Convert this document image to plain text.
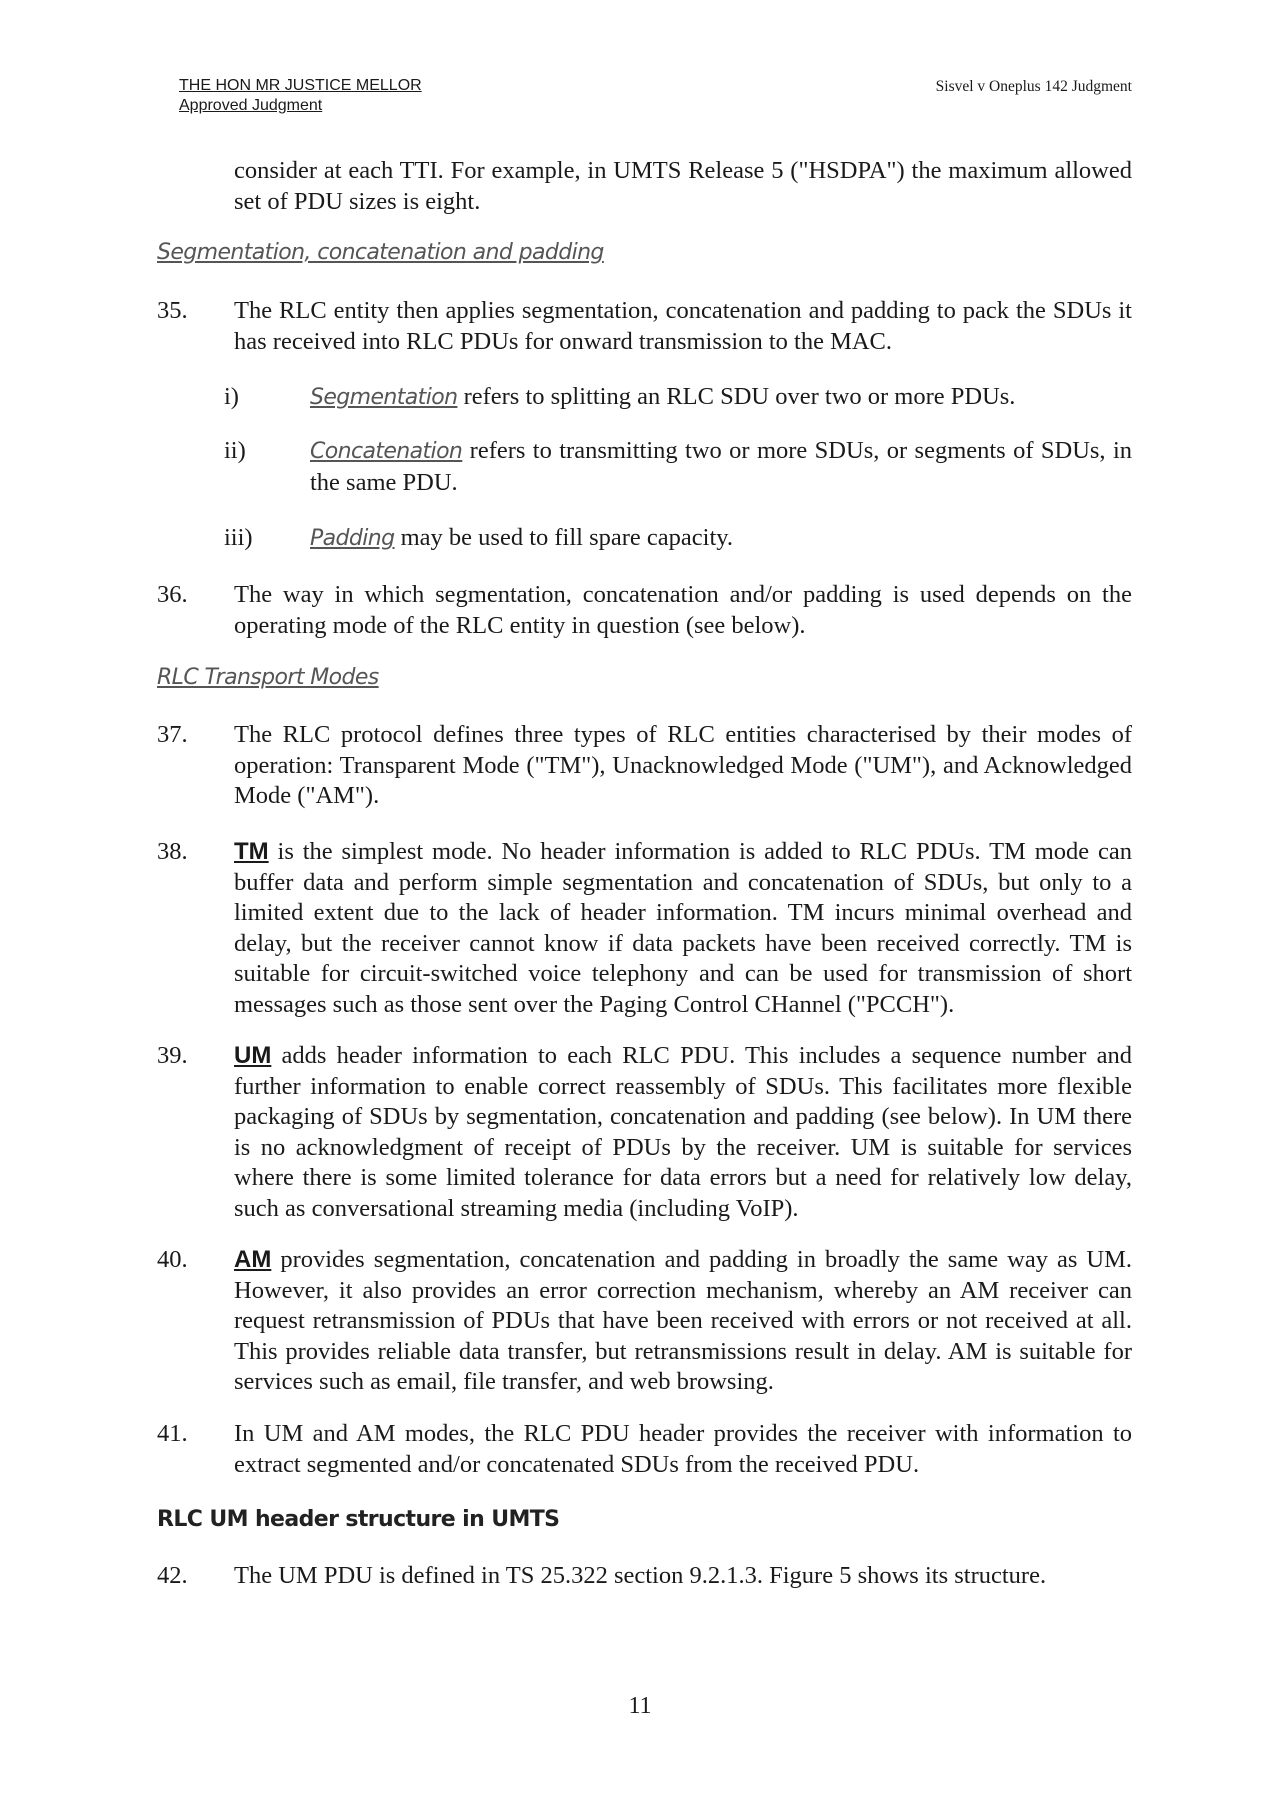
THE HON MR JUSTICE MELLOR
Approved Judgment
Sisvel v Oneplus 142 Judgment
consider at each TTI. For example, in UMTS Release 5 ("HSDPA") the maximum allowed set of PDU sizes is eight.
Segmentation, concatenation and padding
35. The RLC entity then applies segmentation, concatenation and padding to pack the SDUs it has received into RLC PDUs for onward transmission to the MAC.
i)	Segmentation refers to splitting an RLC SDU over two or more PDUs.
ii)	Concatenation refers to transmitting two or more SDUs, or segments of SDUs, in the same PDU.
iii)	Padding may be used to fill spare capacity.
36. The way in which segmentation, concatenation and/or padding is used depends on the operating mode of the RLC entity in question (see below).
RLC Transport Modes
37. The RLC protocol defines three types of RLC entities characterised by their modes of operation: Transparent Mode ("TM"), Unacknowledged Mode ("UM"), and Acknowledged Mode ("AM").
38. TM is the simplest mode. No header information is added to RLC PDUs. TM mode can buffer data and perform simple segmentation and concatenation of SDUs, but only to a limited extent due to the lack of header information. TM incurs minimal overhead and delay, but the receiver cannot know if data packets have been received correctly. TM is suitable for circuit-switched voice telephony and can be used for transmission of short messages such as those sent over the Paging Control CHannel ("PCCH").
39. UM adds header information to each RLC PDU. This includes a sequence number and further information to enable correct reassembly of SDUs. This facilitates more flexible packaging of SDUs by segmentation, concatenation and padding (see below). In UM there is no acknowledgment of receipt of PDUs by the receiver. UM is suitable for services where there is some limited tolerance for data errors but a need for relatively low delay, such as conversational streaming media (including VoIP).
40. AM provides segmentation, concatenation and padding in broadly the same way as UM. However, it also provides an error correction mechanism, whereby an AM receiver can request retransmission of PDUs that have been received with errors or not received at all. This provides reliable data transfer, but retransmissions result in delay. AM is suitable for services such as email, file transfer, and web browsing.
41. In UM and AM modes, the RLC PDU header provides the receiver with information to extract segmented and/or concatenated SDUs from the received PDU.
RLC UM header structure in UMTS
42. The UM PDU is defined in TS 25.322 section 9.2.1.3. Figure 5 shows its structure.
11
